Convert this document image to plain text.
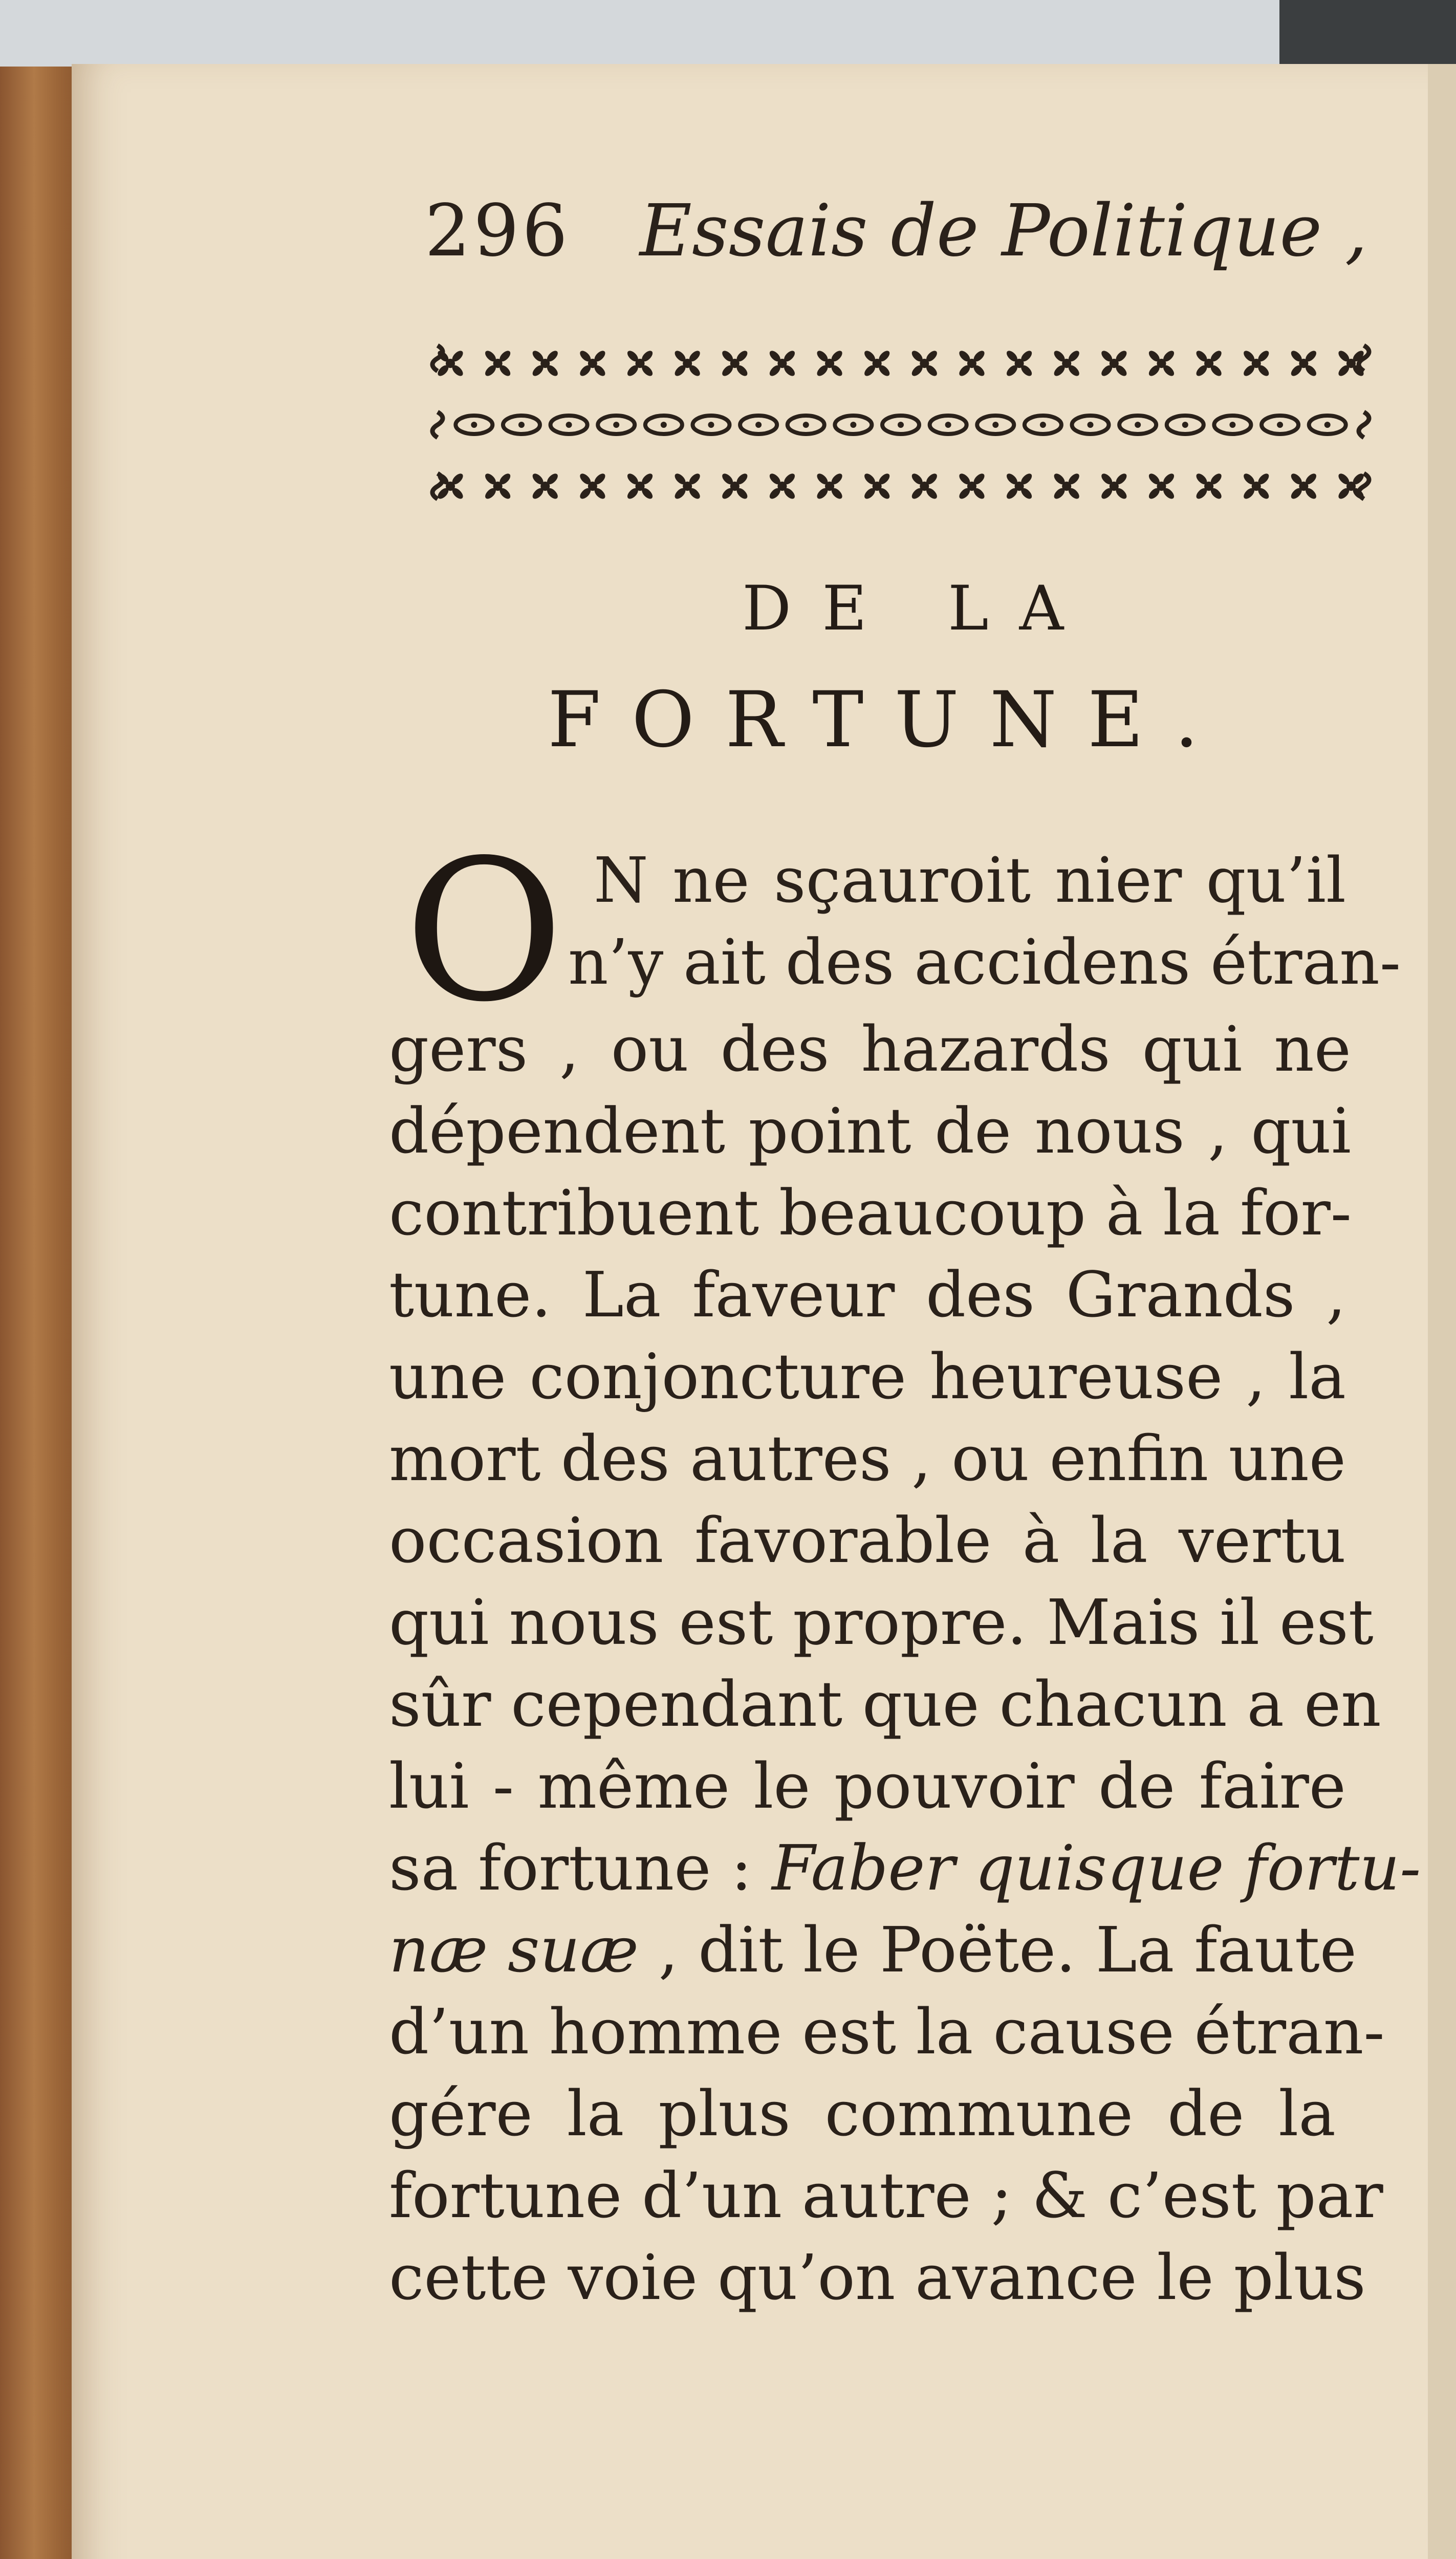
296 Essais de Politique ,
DE LA
FORTUNE.
O N ne sçauroit nier qu’il
n’y ait des accidens étran-
gers , ou des hazards qui ne
dépendent point de nous , qui
contribuent beaucoup à la for-
tune. La faveur des Grands ,
une conjoncture heureuse , la
mort des autres , ou enfin une
occasion favorable à la vertu
qui nous est propre. Mais il est
sûr cependant que chacun a en
lui - même le pouvoir de faire
sa fortune : Faber quisque fortu-
næ suæ , dit le Poëte. La faute
d’un homme est la cause étran-
gére la plus commune de la
fortune d’un autre ; & c’est par
cette voie qu’on avance le plus
